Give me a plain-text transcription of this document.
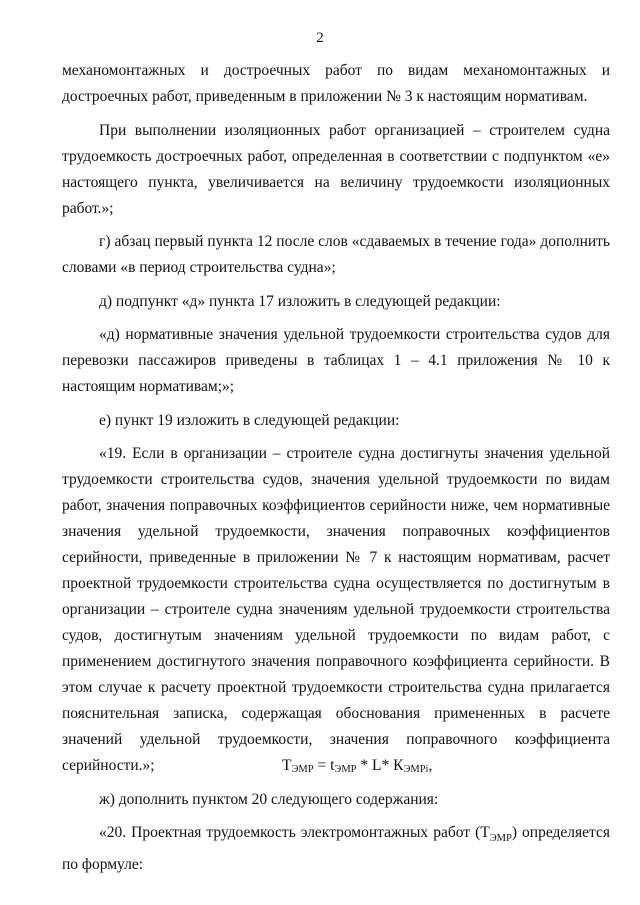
2

механомонтажных и достроечных работ по видам механомонтажных и достроечных работ, приведенным в приложении № 3 к настоящим нормативам.

При выполнении изоляционных работ организацией – строителем судна трудоемкость достроечных работ, определенная в соответствии с подпунктом «е» настоящего пункта, увеличивается на величину трудоемкости изоляционных работ.»;

г) абзац первый пункта 12 после слов «сдаваемых в течение года» дополнить словами «в период строительства судна»;

д) подпункт «д» пункта 17 изложить в следующей редакции:

«д) нормативные значения удельной трудоемкости строительства судов для перевозки пассажиров приведены в таблицах 1 – 4.1 приложения № 10 к настоящим нормативам;»;

е) пункт 19 изложить в следующей редакции:

«19. Если в организации – строителе судна достигнуты значения удельной трудоемкости строительства судов, значения удельной трудоемкости по видам работ, значения поправочных коэффициентов серийности ниже, чем нормативные значения удельной трудоемкости, значения поправочных коэффициентов серийности, приведенные в приложении № 7 к настоящим нормативам, расчет проектной трудоемкости строительства судна осуществляется по достигнутым в организации – строителе судна значениям удельной трудоемкости строительства судов, достигнутым значениям удельной трудоемкости по видам работ, с применением достигнутого значения поправочного коэффициента серийности. В этом случае к расчету проектной трудоемкости строительства судна прилагается пояснительная записка, содержащая обоснования примененных в расчете значений удельной трудоемкости, значения поправочного коэффициента серийности.»;

ж) дополнить пунктом 20 следующего содержания:

«20. Проектная трудоемкость электромонтажных работ $(Т_{ЭМР})$ определяется по формуле:

$Т_{ЭМР} = t_{ЭМР} * L*$ $К_{ЭМРi}$,
